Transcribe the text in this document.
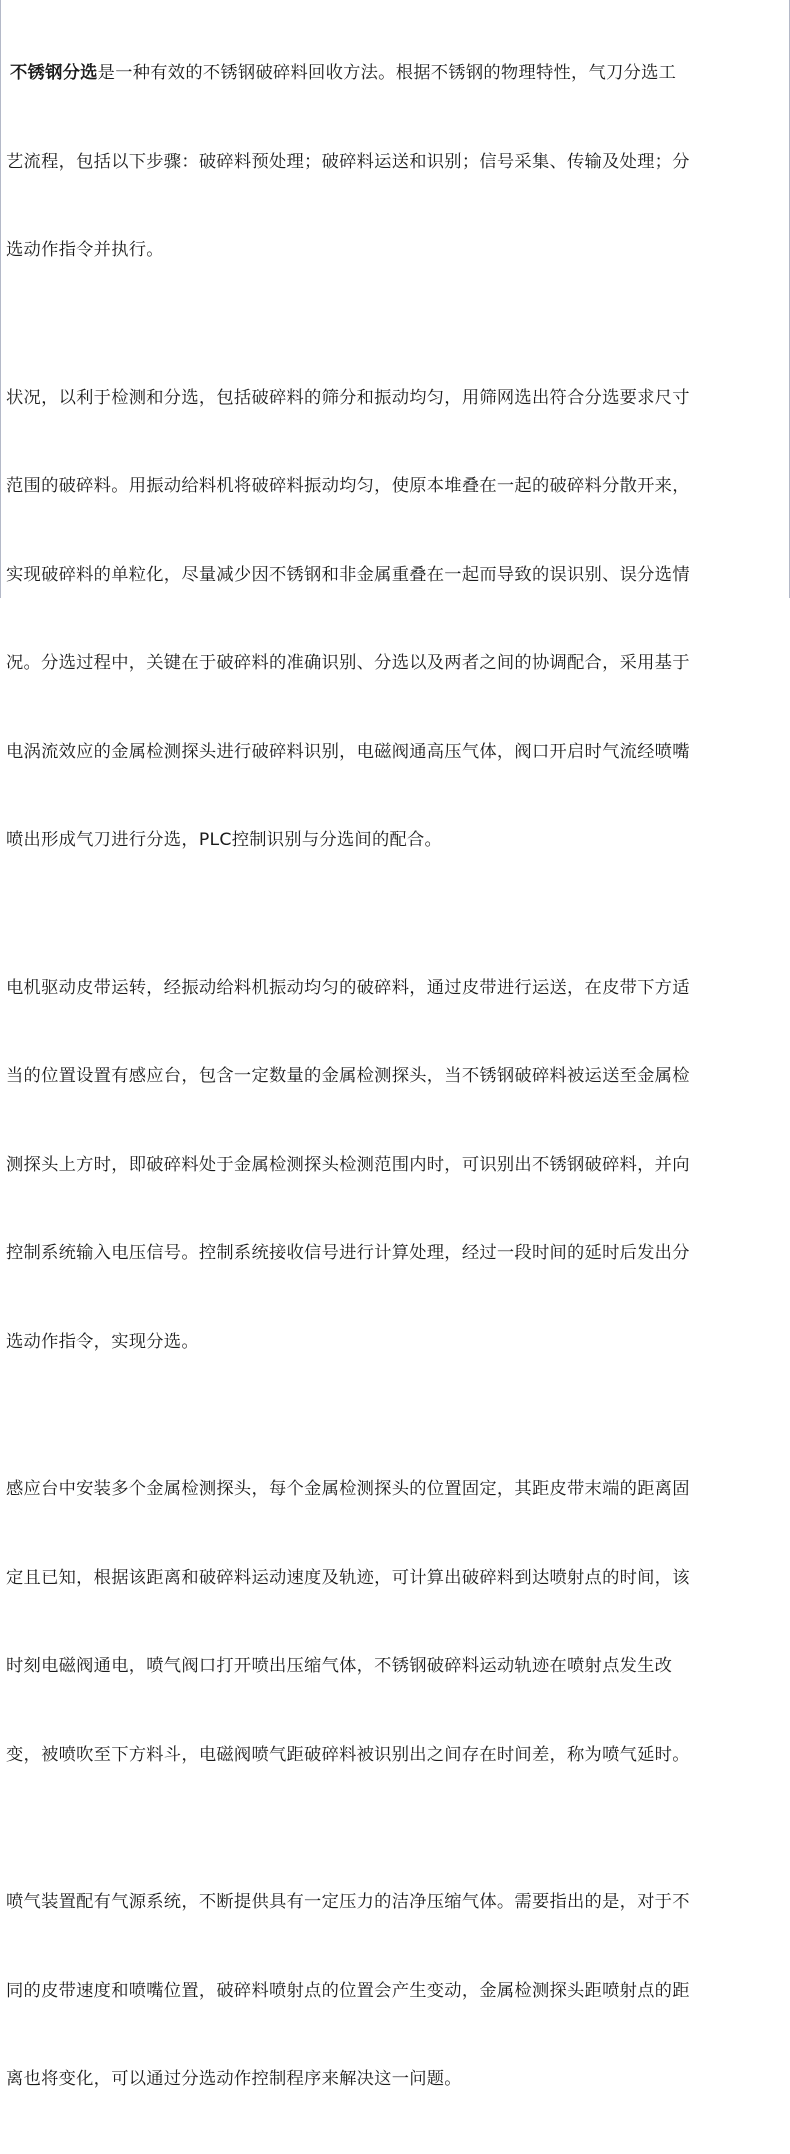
不锈钢分选是一种有效的不锈钢破碎料回收方法。根据不锈钢的物理特性，气刀分选工

艺流程，包括以下步骤：破碎料预处理；破碎料运送和识别；信号采集、传输及处理；分

选动作指令并执行。

状况，以利于检测和分选，包括破碎料的筛分和振动均匀，用筛网选出符合分选要求尺寸

范围的破碎料。用振动给料机将破碎料振动均匀，使原本堆叠在一起的破碎料分散开来，

实现破碎料的单粒化，尽量减少因不锈钢和非金属重叠在一起而导致的误识别、误分选情

况。分选过程中，关键在于破碎料的准确识别、分选以及两者之间的协调配合，采用基于

电涡流效应的金属检测探头进行破碎料识别，电磁阀通高压气体，阀口开启时气流经喷嘴

喷出形成气刀进行分选，PLC控制识别与分选间的配合。

电机驱动皮带运转，经振动给料机振动均匀的破碎料，通过皮带进行运送，在皮带下方适

当的位置设置有感应台，包含一定数量的金属检测探头，当不锈钢破碎料被运送至金属检

测探头上方时，即破碎料处于金属检测探头检测范围内时，可识别出不锈钢破碎料，并向

控制系统输入电压信号。控制系统接收信号进行计算处理，经过一段时间的延时后发出分

选动作指令，实现分选。

感应台中安装多个金属检测探头，每个金属检测探头的位置固定，其距皮带末端的距离固

定且已知，根据该距离和破碎料运动速度及轨迹，可计算出破碎料到达喷射点的时间，该

时刻电磁阀通电，喷气阀口打开喷出压缩气体，不锈钢破碎料运动轨迹在喷射点发生改

变，被喷吹至下方料斗，电磁阀喷气距破碎料被识别出之间存在时间差，称为喷气延时。

喷气装置配有气源系统，不断提供具有一定压力的洁净压缩气体。需要指出的是，对于不

同的皮带速度和喷嘴位置，破碎料喷射点的位置会产生变动，金属检测探头距喷射点的距

离也将变化，可以通过分选动作控制程序来解决这一问题。
